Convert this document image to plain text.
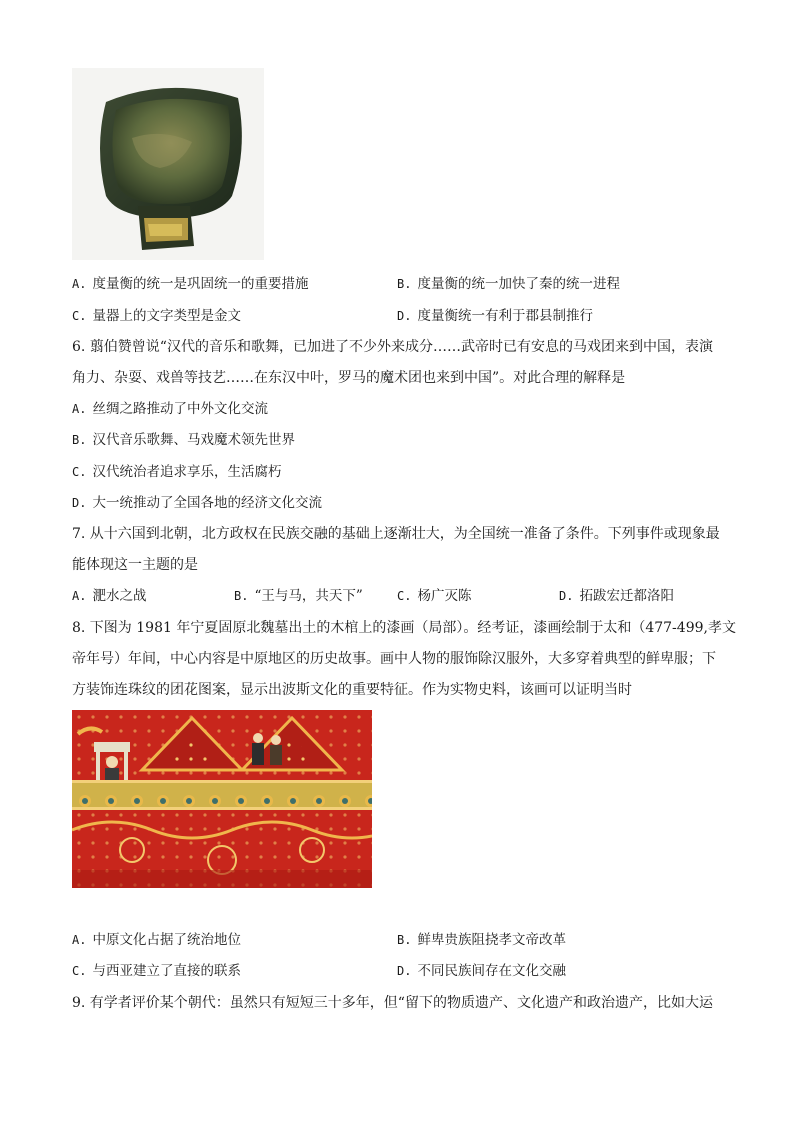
A. 度量衡的统一是巩固统一的重要措施	B. 度量衡的统一加快了秦的统一进程
C. 量器上的文字类型是金文	D. 度量衡统一有利于郡县制推行
6. 翦伯赞曾说“汉代的音乐和歌舞，已加进了不少外来成分……武帝时已有安息的马戏团来到中国，表演
角力、杂耍、戏兽等技艺……在东汉中叶，罗马的魔术团也来到中国”。对此合理的解释是
A. 丝绸之路推动了中外文化交流
B. 汉代音乐歌舞、马戏魔术领先世界
C. 汉代统治者追求享乐，生活腐朽
D. 大一统推动了全国各地的经济文化交流
7. 从十六国到北朝，北方政权在民族交融的基础上逐渐壮大，为全国统一准备了条件。下列事件或现象最
能体现这一主题的是
A. 淝水之战	B. “王与马，共天下”	C. 杨广灭陈	D. 拓跋宏迁都洛阳
8. 下图为 1981 年宁夏固原北魏墓出土的木棺上的漆画（局部）。经考证，漆画绘制于太和（477-499,孝文
帝年号）年间，中心内容是中原地区的历史故事。画中人物的服饰除汉服外，大多穿着典型的鲜卑服；下
方装饰连珠纹的团花图案，显示出波斯文化的重要特征。作为实物史料，该画可以证明当时
A. 中原文化占据了统治地位	B. 鲜卑贵族阻挠孝文帝改革
C. 与西亚建立了直接的联系	D. 不同民族间存在文化交融
9. 有学者评价某个朝代：虽然只有短短三十多年，但“留下的物质遗产、文化遗产和政治遗产，比如大运
